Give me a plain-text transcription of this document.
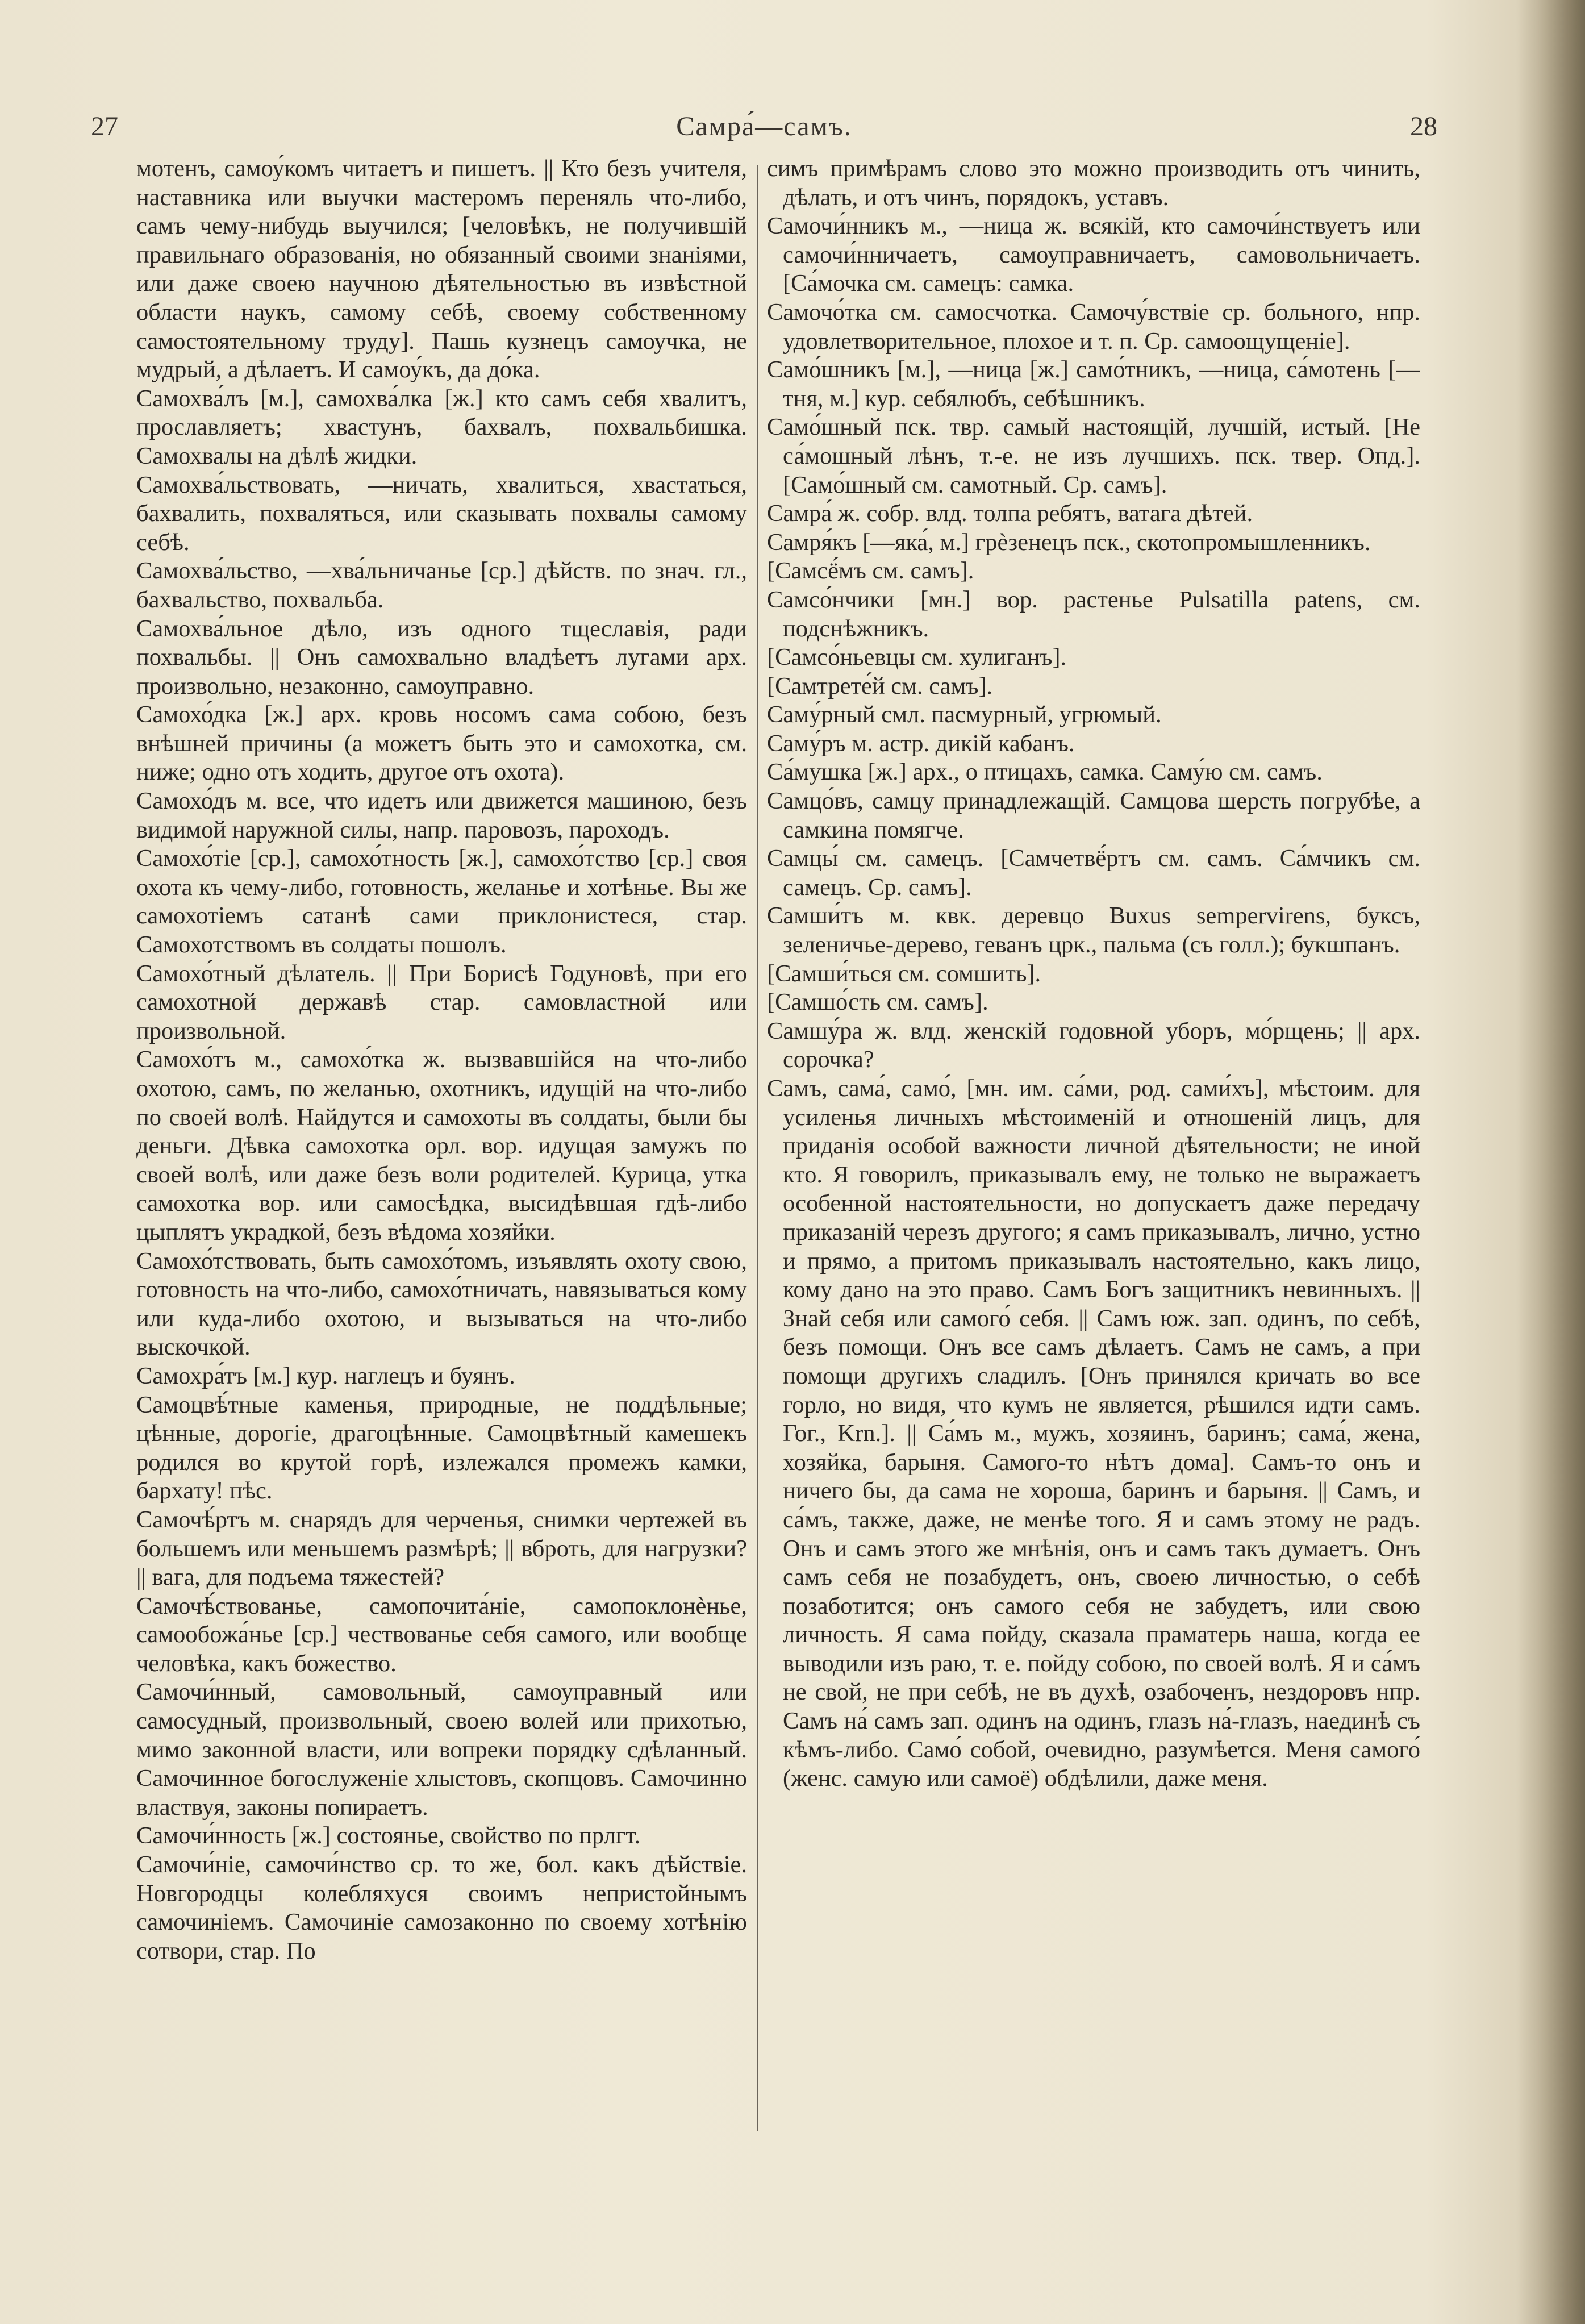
27	Самра́—самъ.	28

мотенъ, самоу́комъ читаетъ и пишетъ. || Кто безъ учителя, наставника или выучки мастеромъ переняль что-либо, самъ чему-нибудь выучился; [человѣкъ, не получившій правильнаго образованія, но обязанный своими знаніями, или даже своею научною дѣятельностью въ извѣстной области наукъ, самому себѣ, своему собственному самостоятельному труду]. Пашь кузнецъ самоучка, не мудрый, а дѣлаетъ. И самоу́къ, да до́ка.

Самохва́лъ [м.], самохва́лка [ж.] кто самъ себя хвалитъ, прославляетъ; хвастунъ, бахвалъ, похвальбишка. Самохвалы на дѣлѣ жидки.

Самохва́льствовать, —ничать, хвалиться, хвастаться, бахвалить, похваляться, или сказывать похвалы самому себѣ.

Самохва́льство, —хва́льничанье [ср.] дѣйств. по знач. гл., бахвальство, похвальба.

Самохва́льное дѣло, изъ одного тщеславія, ради похвальбы. || Онъ самохвально владѣетъ лугами арх. произвольно, незаконно, самоуправно.

Самохо́дка [ж.] арх. кровь носомъ сама собою, безъ внѣшней причины (а можетъ быть это и самохотка, см. ниже; одно отъ ходить, другое отъ охота).

Самохо́дъ м. все, что идетъ или движется машиною, безъ видимой наружной силы, напр. паровозъ, пароходъ.

Самохо́тіе [ср.], самохо́тность [ж.], самохо́тство [ср.] своя охота къ чему-либо, готовность, желанье и хотѣнье. Вы же самохотіемъ сатанѣ сами приклонистеся, стар. Самохотствомъ въ солдаты пошолъ.

Самохо́тный дѣлатель. || При Борисѣ Годуновѣ, при его самохотной державѣ стар. самовластной или произвольной.

Самохо́тъ м., самохо́тка ж. вызвавшійся на что-либо охотою, самъ, по желанью, охотникъ, идущій на что-либо по своей волѣ. Найдутся и самохоты въ солдаты, были бы деньги. Дѣвка самохотка орл. вор. идущая замужъ по своей волѣ, или даже безъ воли родителей. Курица, утка самохотка вор. или самосѣдка, высидѣвшая гдѣ-либо цыплятъ украдкой, безъ вѣдома хозяйки.

Самохо́тствовать, быть самохо́томъ, изъявлять охоту свою, готовность на что-либо, самохо́тничать, навязываться кому или куда-либо охотою, и вызываться на что-либо выскочкой.

Самохра́тъ [м.] кур. наглецъ и буянъ.

Самоцвѣ́тные каменья, природные, не поддѣльные; цѣнные, дорогіе, драгоцѣнные. Самоцвѣтный камешекъ родился во крутой горѣ, излежался промежъ камки, бархату! пѣс.

Самочѣ́ртъ м. снарядъ для черченья, снимки чертежей въ большемъ или меньшемъ размѣрѣ; || вброть, для нагрузки? || вага, для подъема тяжестей?

Самочѣ́ствованье, самопочита́ніе, самопоклонѐнье, самообожа́нье [ср.] чествованье себя самого, или вообще человѣка, какъ божество.

Самочи́нный, самовольный, самоуправный или самосудный, произвольный, своею волей или прихотью, мимо законной власти, или вопреки порядку сдѣланный. Самочинное богослуженіе хлыстовъ, скопцовъ. Самочинно властвуя, законы попираетъ.

Самочи́нность [ж.] состоянье, свойство по прлгт.

Самочи́ніе, самочи́нство ср. то же, бол. какъ дѣйствіе. Новгородцы колебляхуся своимъ непристойнымъ самочиніемъ. Самочиніе самозаконно по своему хотѣнію сотвори, стар. По

симъ примѣрамъ слово это можно производить отъ чинить, дѣлать, и отъ чинъ, порядокъ, уставъ.

Самочи́нникъ м., —ница ж. всякій, кто самочи́нствуетъ или самочи́нничаетъ, самоуправничаетъ, самовольничаетъ. [Са́мочка см. самецъ: самка.

Самочо́тка см. самосчотка. Самочу́вствіе ср. больного, нпр. удовлетворительное, плохое и т. п. Ср. самоощущеніе].

Само́шникъ [м.], —ница [ж.] само́тникъ, —ница, са́мотень [—тня, м.] кур. себялюбъ, себѣшникъ.

Само́шный пск. твр. самый настоящій, лучшій, истый. [Не са́мошный лѣнъ, т.-е. не изъ лучшихъ. пск. твер. Опд.]. [Само́шный см. самотный. Ср. самъ].

Самра́ ж. собр. влд. толпа ребятъ, ватага дѣтей.

Самря́къ [—яка́, м.] грѐзенецъ пск., скотопромышленникъ.

[Самсё́мъ см. самъ].

Самсо́нчики [мн.] вор. растенье Pulsatilla patens, см. подснѣжникъ.

[Самсо́ньевцы см. хулиганъ].

[Самтрете́й см. самъ].

Саму́рный смл. пасмурный, угрюмый.

Саму́ръ м. астр. дикій кабанъ.

Са́мушка [ж.] арх., о птицахъ, самка. Саму́ю см. самъ.

Самцо́въ, самцу принадлежащій. Самцова шерсть погрубѣе, а самкина помягче.

Самцы́ см. самецъ. [Самчетвё́ртъ см. самъ. Са́мчикъ см. самецъ. Ср. самъ].

Самши́тъ м. квк. деревцо Buxus sempervirens, буксъ, зеленичье-дерево, геванъ црк., пальма (съ голл.); букшпанъ.

[Самши́ться см. сомшить].

[Самшо́сть см. самъ].

Самшу́ра ж. влд. женскій годовной уборъ, мо́рщень; || арх. сорочка?

Самъ, сама́, само́, [мн. им. са́ми, род. сами́хъ], мѣстоим. для усиленья личныхъ мѣстоименій и отношеній лицъ, для приданія особой важности личной дѣятельности; не иной кто. Я говорилъ, приказывалъ ему, не только не выражаетъ особенной настоятельности, но допускаетъ даже передачу приказаній черезъ другого; я самъ приказывалъ, лично, устно и прямо, а притомъ приказывалъ настоятельно, какъ лицо, кому дано на это право. Самъ Богъ защитникъ невинныхъ. || Знай себя или самого́ себя. || Самъ юж. зап. одинъ, по себѣ, безъ помощи. Онъ все самъ дѣлаетъ. Самъ не самъ, а при помощи другихъ сладилъ. [Онъ принялся кричать во все горло, но видя, что кумъ не является, рѣшился идти самъ. Гог., Krn.]. || Са́мъ м., мужъ, хозяинъ, баринъ; сама́, жена, хозяйка, барыня. Самого-то нѣтъ дома]. Самъ-то онъ и ничего бы, да сама не хороша, баринъ и барыня. || Самъ, и са́мъ, также, даже, не менѣе того. Я и самъ этому не радъ. Онъ и самъ этого же мнѣнія, онъ и самъ такъ думаетъ. Онъ самъ себя не позабудетъ, онъ, своею личностью, о себѣ позаботится; онъ самого себя не забудетъ, или свою личность. Я сама пойду, сказала праматерь наша, когда ее выводили изъ раю, т. е. пойду собою, по своей волѣ. Я и са́мъ не свой, не при себѣ, не въ духѣ, озабоченъ, нездоровъ нпр. Самъ на́ самъ зап. одинъ на одинъ, глазъ на́-глазъ, наединѣ съ кѣмъ-либо. Само́ собой, очевидно, разумѣется. Меня самого́ (женс. самую или самоё) обдѣлили, даже меня.
